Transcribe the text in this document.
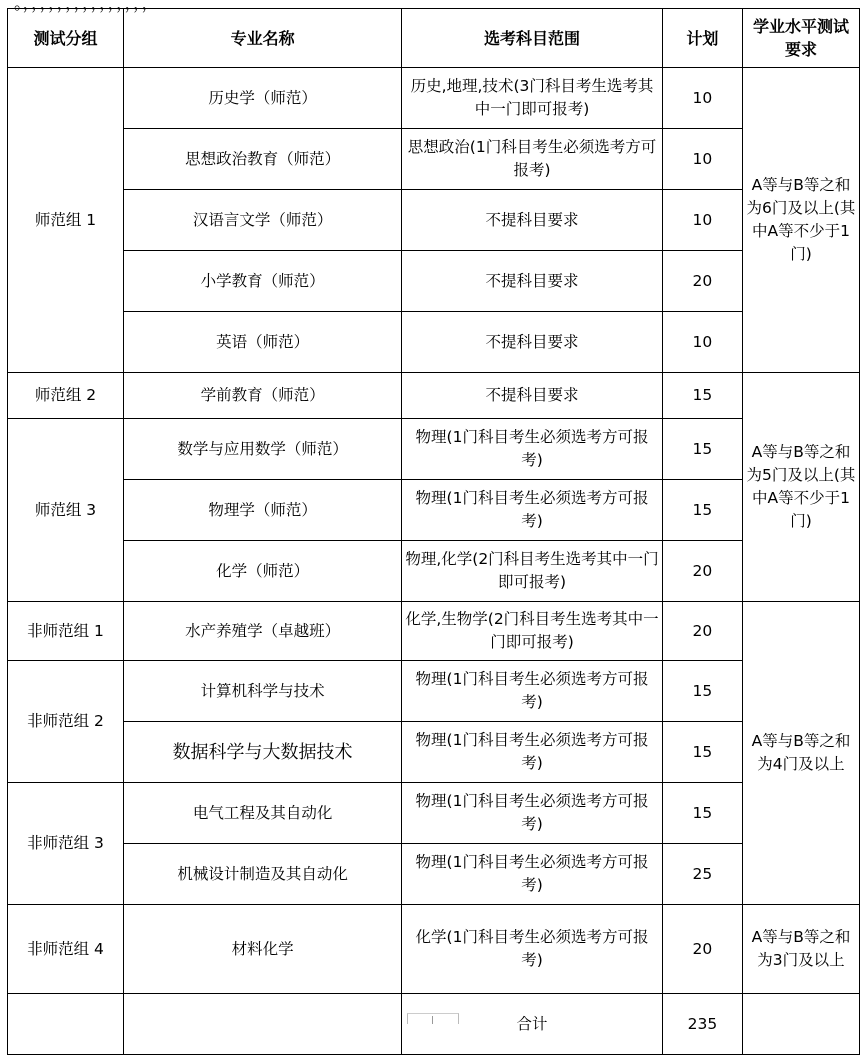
。，，，，，，，，，，，，，，，
测试分组	专业名称	选考科目范围	计划	学业水平测试要求
师范组 1	历史学（师范）	历史,地理,技术(3门科目考生选考其中一门即可报考)	10	A等与B等之和为6门及以上(其中A等不少于1门)
	思想政治教育（师范）	思想政治(1门科目考生必须选考方可报考)	10	
	汉语言文学（师范）	不提科目要求	10	
	小学教育（师范）	不提科目要求	20	
	英语（师范）	不提科目要求	10	
师范组 2	学前教育（师范）	不提科目要求	15	A等与B等之和为5门及以上(其中A等不少于1门)
师范组 3	数学与应用数学（师范）	物理(1门科目考生必须选考方可报考)	15	
	物理学（师范）	物理(1门科目考生必须选考方可报考)	15	
	化学（师范）	物理,化学(2门科目考生选考其中一门即可报考)	20	
非师范组 1	水产养殖学（卓越班）	化学,生物学(2门科目考生选考其中一门即可报考)	20	A等与B等之和为4门及以上
非师范组 2	计算机科学与技术	物理(1门科目考生必须选考方可报考)	15	
	数据科学与大数据技术	物理(1门科目考生必须选考方可报考)	15	
非师范组 3	电气工程及其自动化	物理(1门科目考生必须选考方可报考)	15	
	机械设计制造及其自动化	物理(1门科目考生必须选考方可报考)	25	
非师范组 4	材料化学	化学(1门科目考生必须选考方可报考)	20	A等与B等之和为3门及以上
		合计	235	
